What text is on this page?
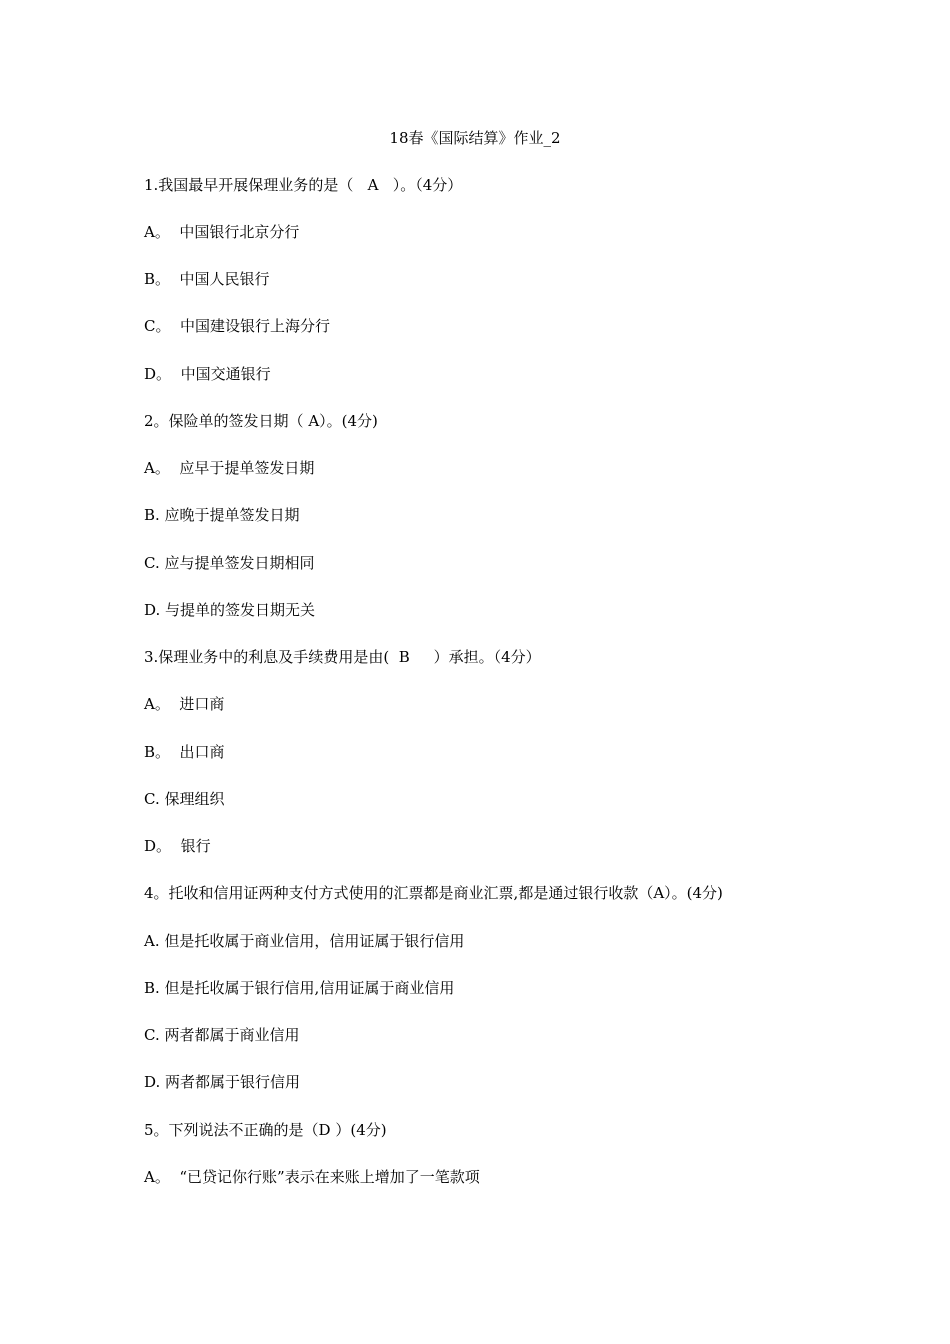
18春《国际结算》作业_2
1.我国最早开展保理业务的是（   A   ）。（4分）
A。  中国银行北京分行
B。  中国人民银行
C。  中国建设银行上海分行
D。  中国交通银行
2。保险单的签发日期（ A）。(4分)
A。  应早于提单签发日期
B. 应晚于提单签发日期
C. 应与提单签发日期相同
D. 与提单的签发日期无关
3.保理业务中的利息及手续费用是由(  B     ）承担。（4分）
A。  进口商
B。  出口商
C. 保理组织
D。  银行
4。托收和信用证两种支付方式使用的汇票都是商业汇票,都是通过银行收款（A）。(4分)
A. 但是托收属于商业信用，信用证属于银行信用
B. 但是托收属于银行信用,信用证属于商业信用
C. 两者都属于商业信用
D. 两者都属于银行信用
5。下列说法不正确的是（D ）(4分)
A。  “已贷记你行账”表示在来账上增加了一笔款项
